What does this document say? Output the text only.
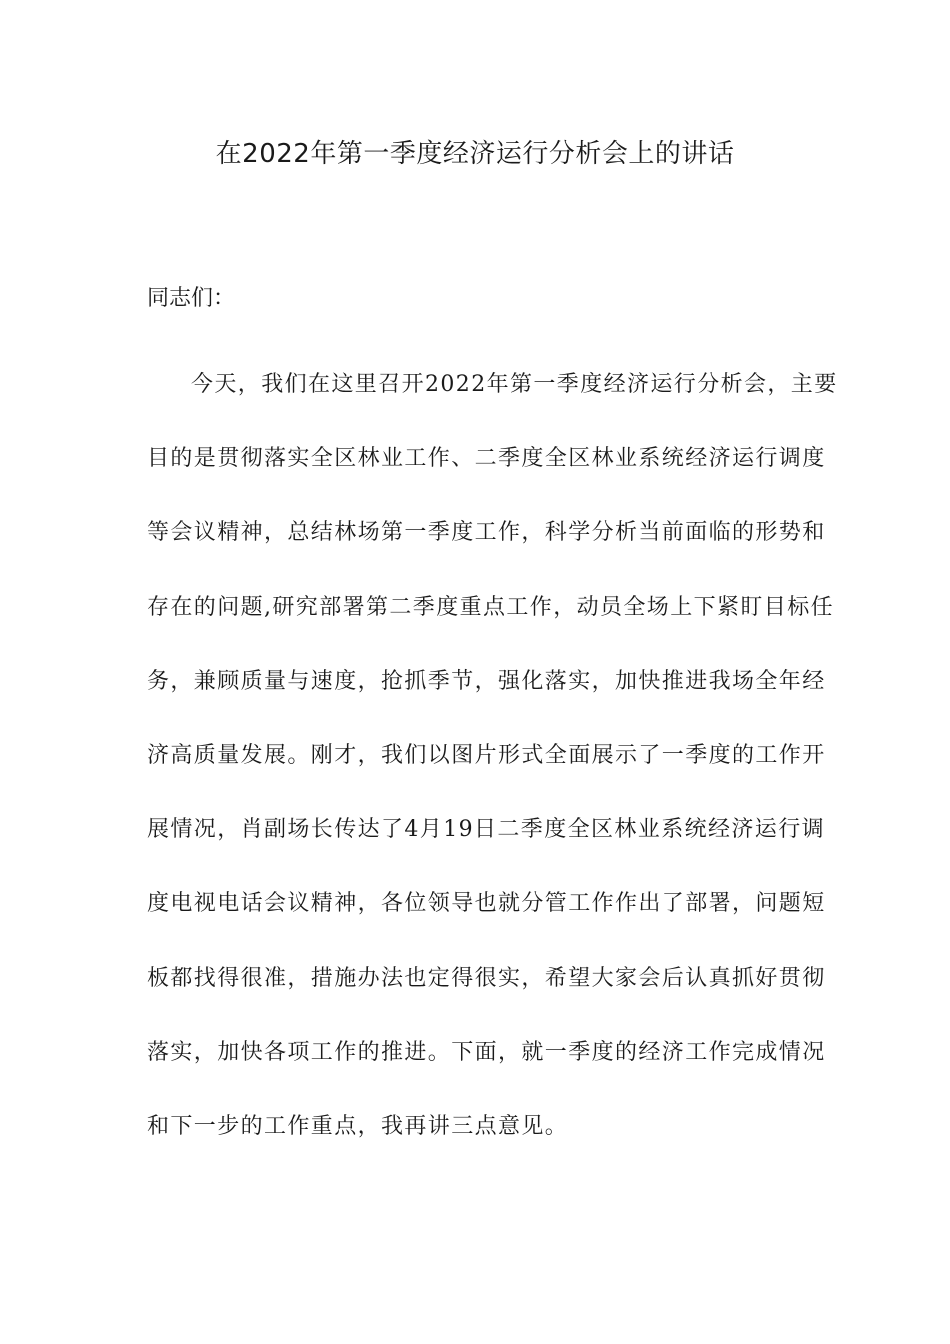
在2022年第一季度经济运行分析会上的讲话

同志们：

今天，我们在这里召开2022年第一季度经济运行分析会，主要
目的是贯彻落实全区林业工作、二季度全区林业系统经济运行调度
等会议精神，总结林场第一季度工作，科学分析当前面临的形势和
存在的问题,研究部署第二季度重点工作，动员全场上下紧盯目标任
务，兼顾质量与速度，抢抓季节，强化落实，加快推进我场全年经
济高质量发展。刚才，我们以图片形式全面展示了一季度的工作开
展情况，肖副场长传达了4月19日二季度全区林业系统经济运行调
度电视电话会议精神，各位领导也就分管工作作出了部署，问题短
板都找得很准，措施办法也定得很实，希望大家会后认真抓好贯彻
落实，加快各项工作的推进。下面，就一季度的经济工作完成情况
和下一步的工作重点，我再讲三点意见。
